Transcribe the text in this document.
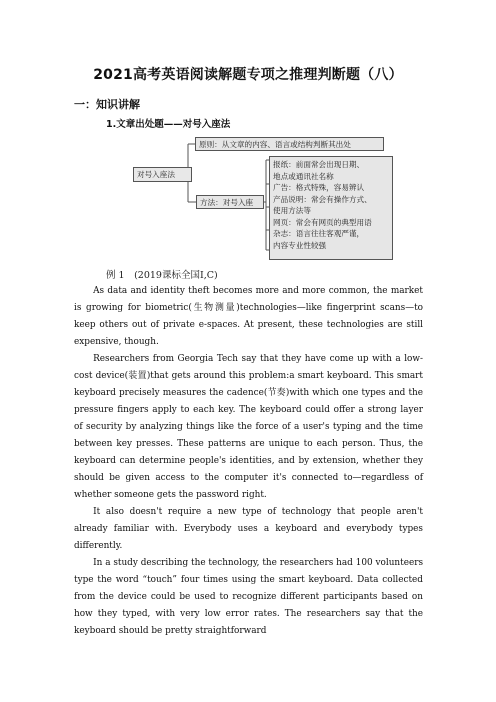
2021高考英语阅读解题专项之推理判断题（八）
一：知识讲解
1.文章出处题——对号入座法
对号入座法
原则：从文章的内容、语言或结构判断其出处
方法：对号入座
报纸：前面常会出现日期、
地点或通讯社名称
广告：格式特殊，容易辨认
产品说明：常会有操作方式、
使用方法等
网页：常会有网页的典型用语
杂志：语言往往客观严谨，
内容专业性较强
例 1　(2019课标全国Ⅰ,C)

As data and identity theft becomes more and more common, the market is growing for biometric(生物测量)technologies—like fingerprint scans—to keep others out of private e-spaces. At present, these technologies are still expensive, though.

Researchers from Georgia Tech say that they have come up with a low-cost device(装置)that gets around this problem:a smart keyboard. This smart keyboard precisely measures the cadence(节奏)with which one types and the pressure fingers apply to each key. The keyboard could offer a strong layer of security by analyzing things like the force of a user's typing and the time between key presses. These patterns are unique to each person. Thus, the keyboard can determine people's identities, and by extension, whether they should be given access to the computer it's connected to—regardless of whether someone gets the password right.

It also doesn't require a new type of technology that people aren't already familiar with. Everybody uses a keyboard and everybody types differently.

In a study describing the technology, the researchers had 100 volunteers type the word “touch” four times using the smart keyboard. Data collected from the device could be used to recognize different participants based on how they typed, with very low error rates. The researchers say that the keyboard should be pretty straightforward
